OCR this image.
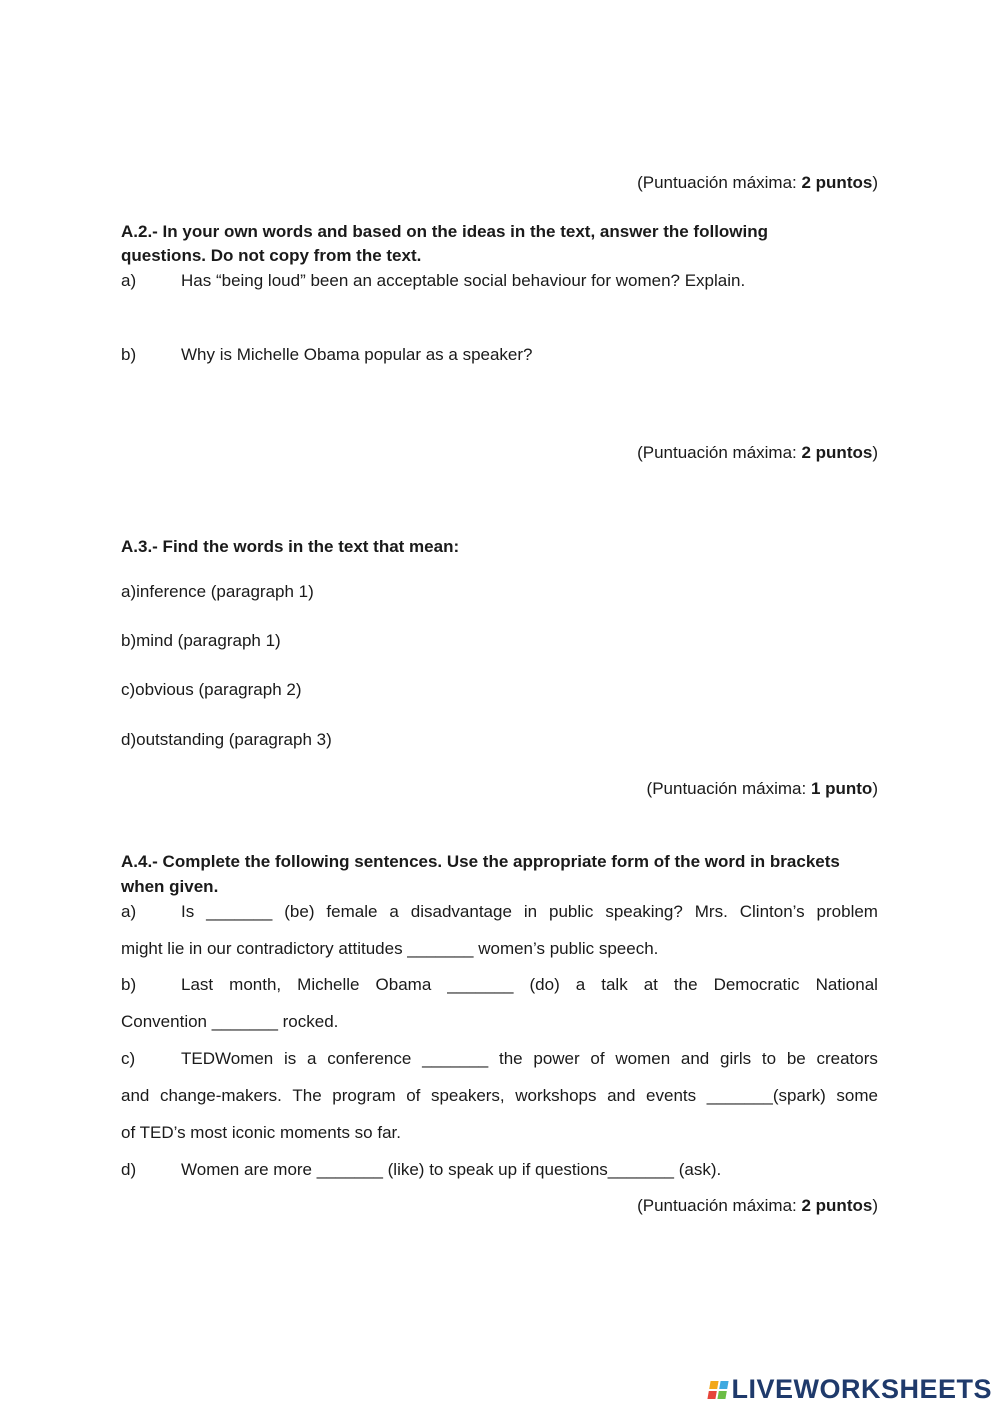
(Puntuación máxima: 2 puntos)
A.2.- In your own words and based on the ideas in the text, answer the following
questions. Do not copy from the text.
a)	Has “being loud” been an acceptable social behaviour for women? Explain.
b)	Why is Michelle Obama popular as a speaker?
(Puntuación máxima: 2 puntos)
A.3.- Find the words in the text that mean:
a)inference (paragraph 1)
b)mind (paragraph 1)
c)obvious (paragraph 2)
d)outstanding (paragraph 3)
(Puntuación máxima: 1 punto)
A.4.- Complete the following sentences. Use the appropriate form of the word in brackets
when given.
a)	Is _______ (be) female a disadvantage in public speaking? Mrs. Clinton’s problem
might lie in our contradictory attitudes _______ women’s public speech.
b)	Last month, Michelle Obama _______ (do) a talk at the Democratic National
Convention _______ rocked.
c)	TEDWomen is a conference _______ the power of women and girls to be creators
and change-makers. The program of speakers, workshops and events _______(spark) some
of TED’s most iconic moments so far.
d)	Women are more _______ (like) to speak up if questions_______ (ask).
(Puntuación máxima: 2 puntos)
LIVEWORKSHEETS
